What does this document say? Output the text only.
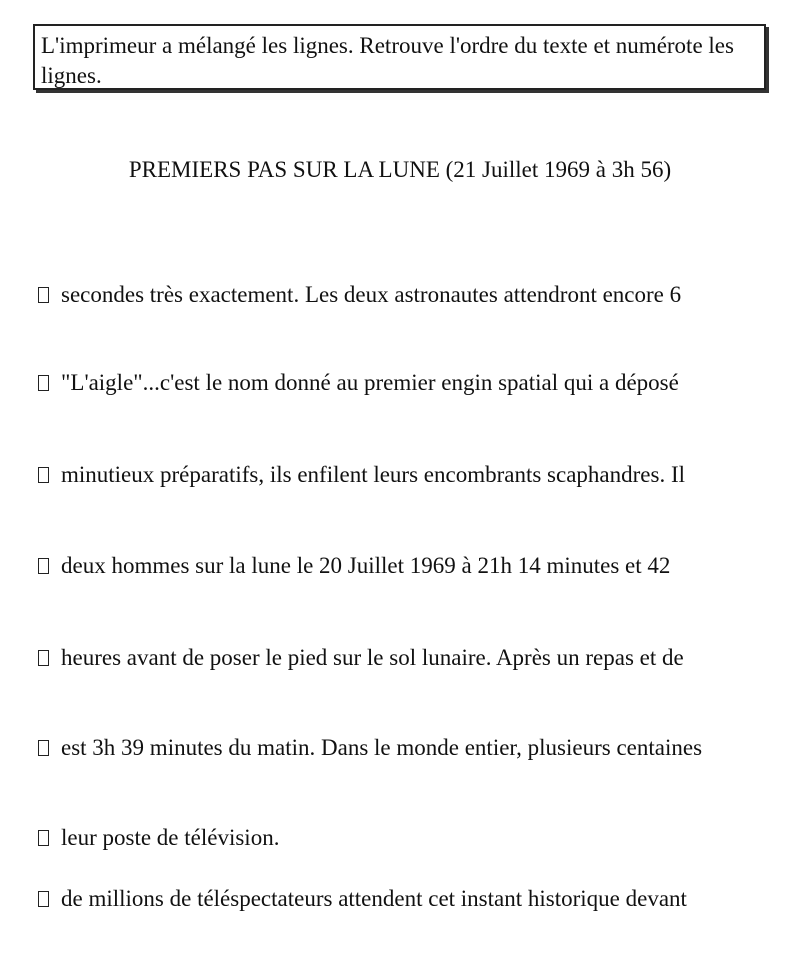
L'imprimeur a mélangé les lignes. Retrouve l'ordre du texte et numérote les lignes.
PREMIERS PAS SUR LA LUNE (21 Juillet 1969 à 3h 56)
secondes très exactement. Les deux astronautes attendront encore 6
"L'aigle"...c'est le nom donné au premier engin spatial qui a déposé
minutieux préparatifs, ils enfilent leurs encombrants scaphandres. Il
deux hommes sur la lune le 20 Juillet 1969 à 21h 14 minutes et 42
heures avant de poser le pied sur le sol lunaire. Après un repas et de
est 3h 39 minutes du matin. Dans le monde entier, plusieurs centaines
leur poste de télévision.
de millions de téléspectateurs attendent cet instant historique devant
